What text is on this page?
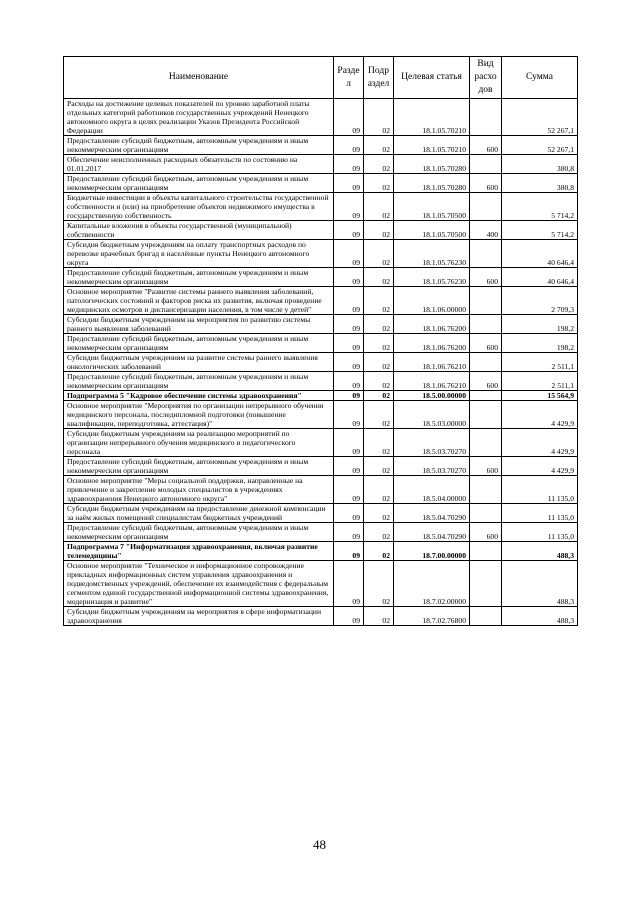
Наименование	Разде л	Подр аздел	Целевая статья	Вид расхо дов	Сумма
Расходы на достижение целевых показателей по уровню заработной платы отдельных категорий работников государственных учреждений Ненецкого автономного округа в целях реализации Указов Президента Российской Федерации	09	02	18.1.05.70210		52 267,1
Предоставление субсидий бюджетным, автономным учреждениям и иным некоммерческим организациям	09	02	18.1.05.70210	600	52 267,1
Обеспечение неисполненных расходных обязательств по состоянию на 01.01.2017	09	02	18.1.05.70280		380,8
Предоставление субсидий бюджетным, автономным учреждениям и иным некоммерческим организациям	09	02	18.1.05.70280	600	380,8
Бюджетные инвестиции в объекты капитального строительства государственной собственности и (или) на приобретение объектов недвижимого имущества в государственную собственность	09	02	18.1.05.70500		5 714,2
Капитальные вложения в объекты государственной (муниципальной) собственности	09	02	18.1.05.70500	400	5 714,2
Субсидия бюджетным учреждениям на оплату транспортных расходов по перевозке врачебных бригад в населённые пункты Ненецкого автономного округа	09	02	18.1.05.76230		40 646,4
Предоставление субсидий бюджетным, автономным учреждениям и иным некоммерческим организациям	09	02	18.1.05.76230	600	40 646,4
Основное мероприятие "Развитие системы раннего выявления заболеваний, патологических состояний и факторов риска их развития, включая проведение медицинских осмотров и диспансеризации населения, в том числе у детей"	09	02	18.1.06.00000		2 709,3
Субсидии бюджетным учреждениям на мероприятия по развитию системы раннего выявления заболеваний	09	02	18.1.06.76200		198,2
Предоставление субсидий бюджетным, автономным учреждениям и иным некоммерческим организациям	09	02	18.1.06.76200	600	198,2
Субсидии бюджетным учреждениям на развитие системы раннего выявления онкологических заболеваний	09	02	18.1.06.76210		2 511,1
Предоставление субсидий бюджетным, автономным учреждениям и иным некоммерческим организациям	09	02	18.1.06.76210	600	2 511,1
Подпрограмма 5 "Кадровое обеспечение системы здравоохранения"	09	02	18.5.00.00000		15 564,9
Основное мероприятие "Мероприятия по организации непрерывного обучения медицинского персонала, последипломной подготовки (повышение квалификации, переподготовка, аттестация)"	09	02	18.5.03.00000		4 429,9
Субсидии бюджетным учреждениям на реализацию мероприятий по организации непрерывного обучения медицинского и педагогического персонала	09	02	18.5.03.70270		4 429,9
Предоставление субсидий бюджетным, автономным учреждениям и иным некоммерческим организациям	09	02	18.5.03.70270	600	4 429,9
Основное мероприятие "Меры социальной поддержки, направленные на привлечение и закрепление молодых специалистов в учреждениях здравоохранения Ненецкого автономного округа"	09	02	18.5.04.00000		11 135,0
Субсидии бюджетным учреждениям на предоставление денежной компенсации за наём жилых помещений специалистам бюджетных учреждений	09	02	18.5.04.70290		11 135,0
Предоставление субсидий бюджетным, автономным учреждениям и иным некоммерческим организациям	09	02	18.5.04.70290	600	11 135,0
Подпрограмма 7 "Информатизация здравоохранения, включая развитие телемедицины"	09	02	18.7.00.00000		488,3
Основное мероприятие "Техническое и информационное сопровождение прикладных информационных систем управления здравоохранения и подведомственных учреждений, обеспечение их взаимодействия с федеральным сегментом единой государственной информационной системы здравоохранения, модернизация и развитие"	09	02	18.7.02.00000		488,3
Субсидии бюджетным учреждениям на мероприятия в сфере информатизации здравоохранения	09	02	18.7.02.76800		488,3
48
